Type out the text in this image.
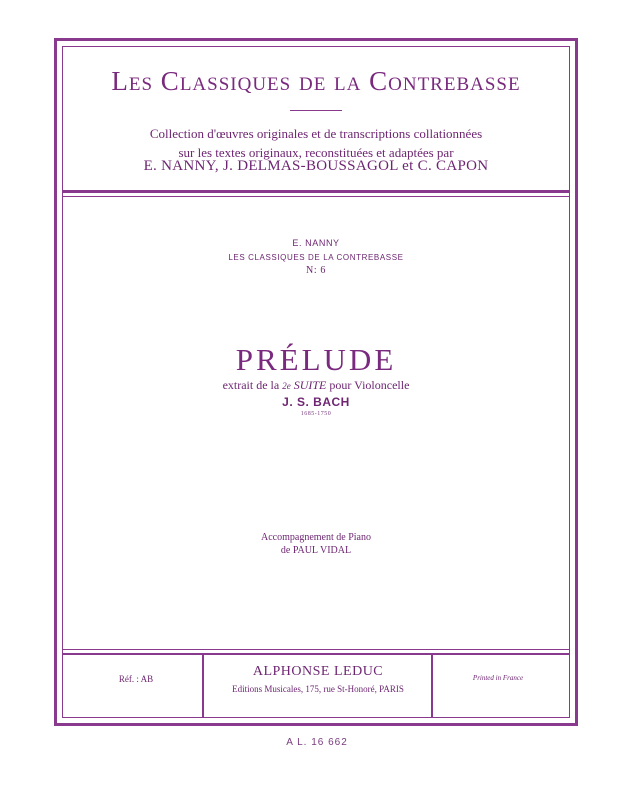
Les Classiques de la Contrebasse
Collection d'œuvres originales et de transcriptions collationnées
sur les textes originaux, reconstituées et adaptées par
E. NANNY, J. DELMAS-BOUSSAGOL et C. CAPON
E. NANNY
LES CLASSIQUES DE LA CONTREBASSE
N: 6
PRÉLUDE
extrait de la 2e SUITE pour Violoncelle
J. S. BACH
1685-1750
Accompagnement de Piano
de PAUL VIDAL
Réf. : AB	ALPHONSE LEDUC
Editions Musicales, 175, rue St-Honoré, PARIS
Printed in France
A L. 16 662
